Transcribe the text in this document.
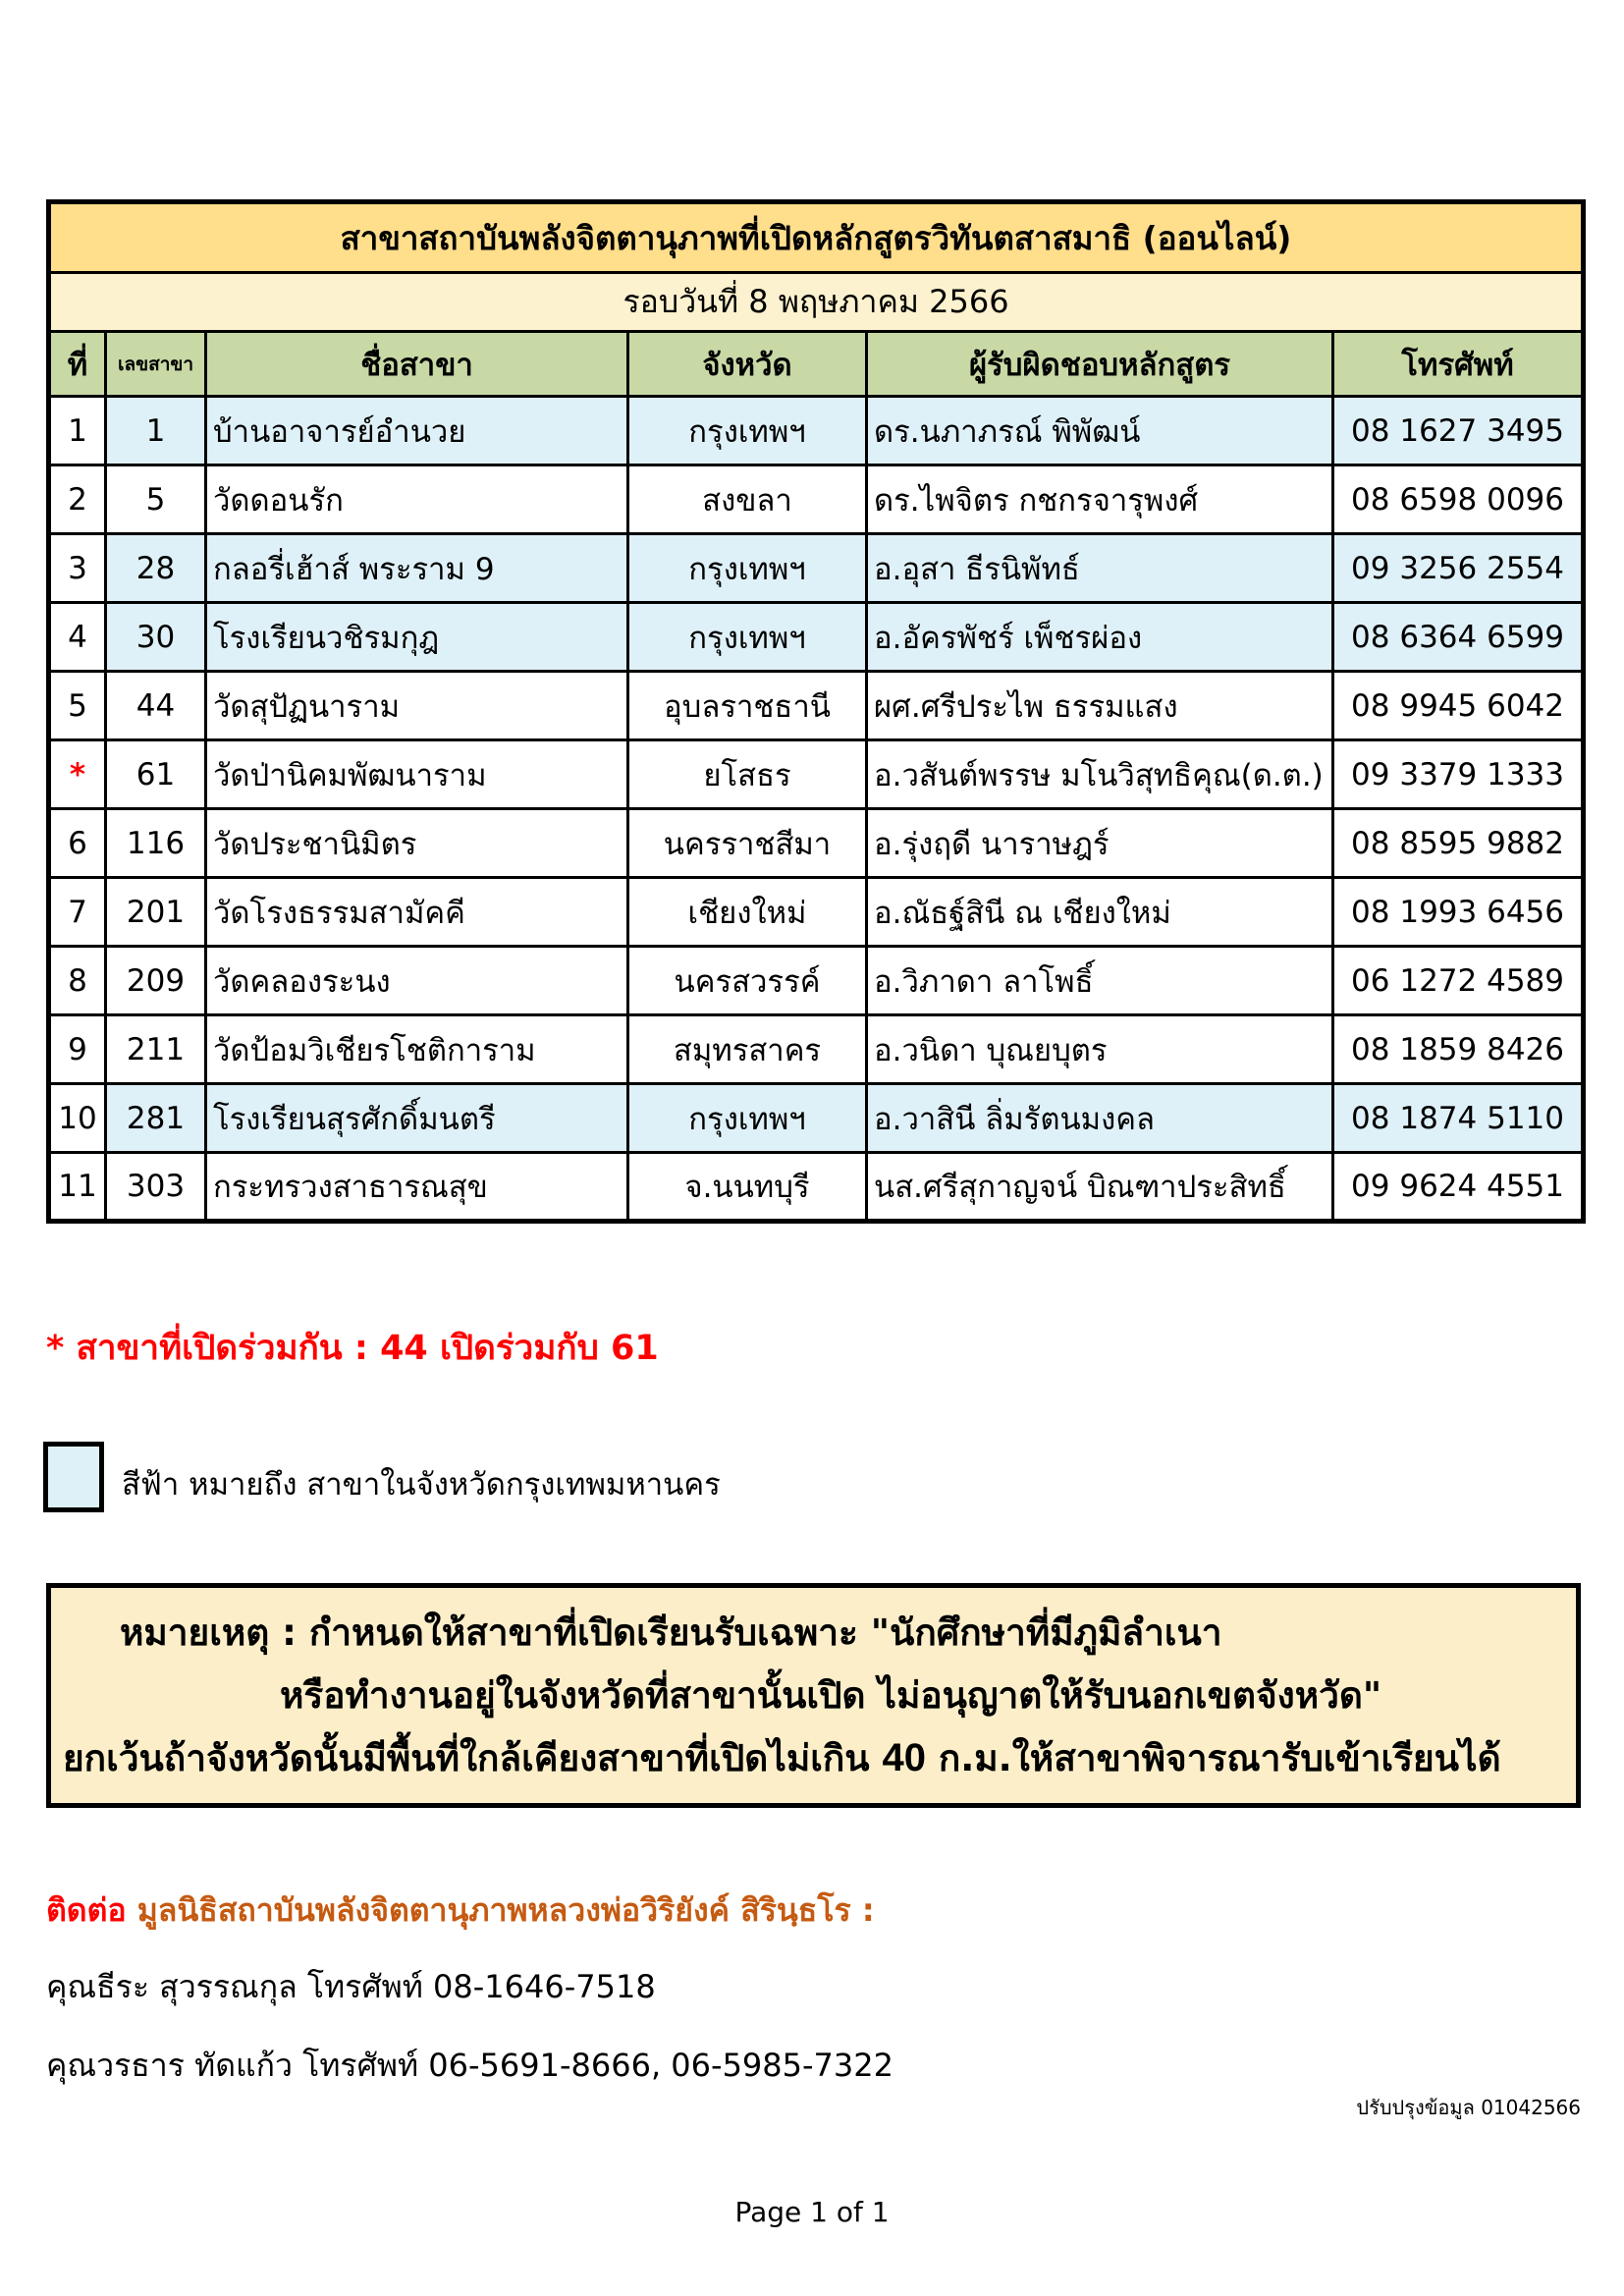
สาขาสถาบันพลังจิตตานุภาพที่เปิดหลักสูตรวิทันตสาสมาธิ (ออนไลน์)					
รอบวันที่ 8 พฤษภาคม 2566					
ที่	เลขสาขา	ชื่อสาขา	จังหวัด	ผู้รับผิดชอบหลักสูตร	โทรศัพท์
1	1	บ้านอาจารย์อำนวย	กรุงเทพฯ	ดร.นภาภรณ์ พิพัฒน์	08 1627 3495
2	5	วัดดอนรัก	สงขลา	ดร.ไพจิตร กชกรจารุพงศ์	08 6598 0096
3	28	กลอรี่เฮ้าส์ พระราม 9	กรุงเทพฯ	อ.อุสา ธีรนิพัทธ์	09 3256 2554
4	30	โรงเรียนวชิรมกุฎ	กรุงเทพฯ	อ.อัครพัชร์ เพ็ชรผ่อง	08 6364 6599
5	44	วัดสุปัฏนาราม	อุบลราชธานี	ผศ.ศรีประไพ ธรรมแสง	08 9945 6042
*	61	วัดป่านิคมพัฒนาราม	ยโสธร	อ.วสันต์พรรษ มโนวิสุทธิคุณ(ด.ต.)	09 3379 1333
6	116	วัดประชานิมิตร	นครราชสีมา	อ.รุ่งฤดี นาราษฎร์	08 8595 9882
7	201	วัดโรงธรรมสามัคคี	เชียงใหม่	อ.ณัธฐ์สินี ณ เชียงใหม่	08 1993 6456
8	209	วัดคลองระนง	นครสวรรค์	อ.วิภาดา ลาโพธิ์	06 1272 4589
9	211	วัดป้อมวิเชียรโชติการาม	สมุทรสาคร	อ.วนิดา บุณยบุตร	08 1859 8426
10	281	โรงเรียนสุรศักดิ์มนตรี	กรุงเทพฯ	อ.วาสินี ลิ่มรัตนมงคล	08 1874 5110
11	303	กระทรวงสาธารณสุข	จ.นนทบุรี	นส.ศรีสุกาญจน์ บิณฑาประสิทธิ์	09 9624 4551
* สาขาที่เปิดร่วมกัน : 44 เปิดร่วมกับ 61
สีฟ้า หมายถึง สาขาในจังหวัดกรุงเทพมหานคร
หมายเหตุ : กำหนดให้สาขาที่เปิดเรียนรับเฉพาะ "นักศึกษาที่มีภูมิลำเนา
หรือทำงานอยู่ในจังหวัดที่สาขานั้นเปิด ไม่อนุญาตให้รับนอกเขตจังหวัด"
ยกเว้นถ้าจังหวัดนั้นมีพื้นที่ใกล้เคียงสาขาที่เปิดไม่เกิน 40 ก.ม.ให้สาขาพิจารณารับเข้าเรียนได้
ติดต่อ มูลนิธิสถาบันพลังจิตตานุภาพหลวงพ่อวิริยังค์ สิรินฺธโร :
คุณธีระ สุวรรณกุล โทรศัพท์ 08-1646-7518
คุณวรธาร ทัดแก้ว โทรศัพท์ 06-5691-8666, 06-5985-7322
ปรับปรุงข้อมูล 01042566
Page 1 of 1
